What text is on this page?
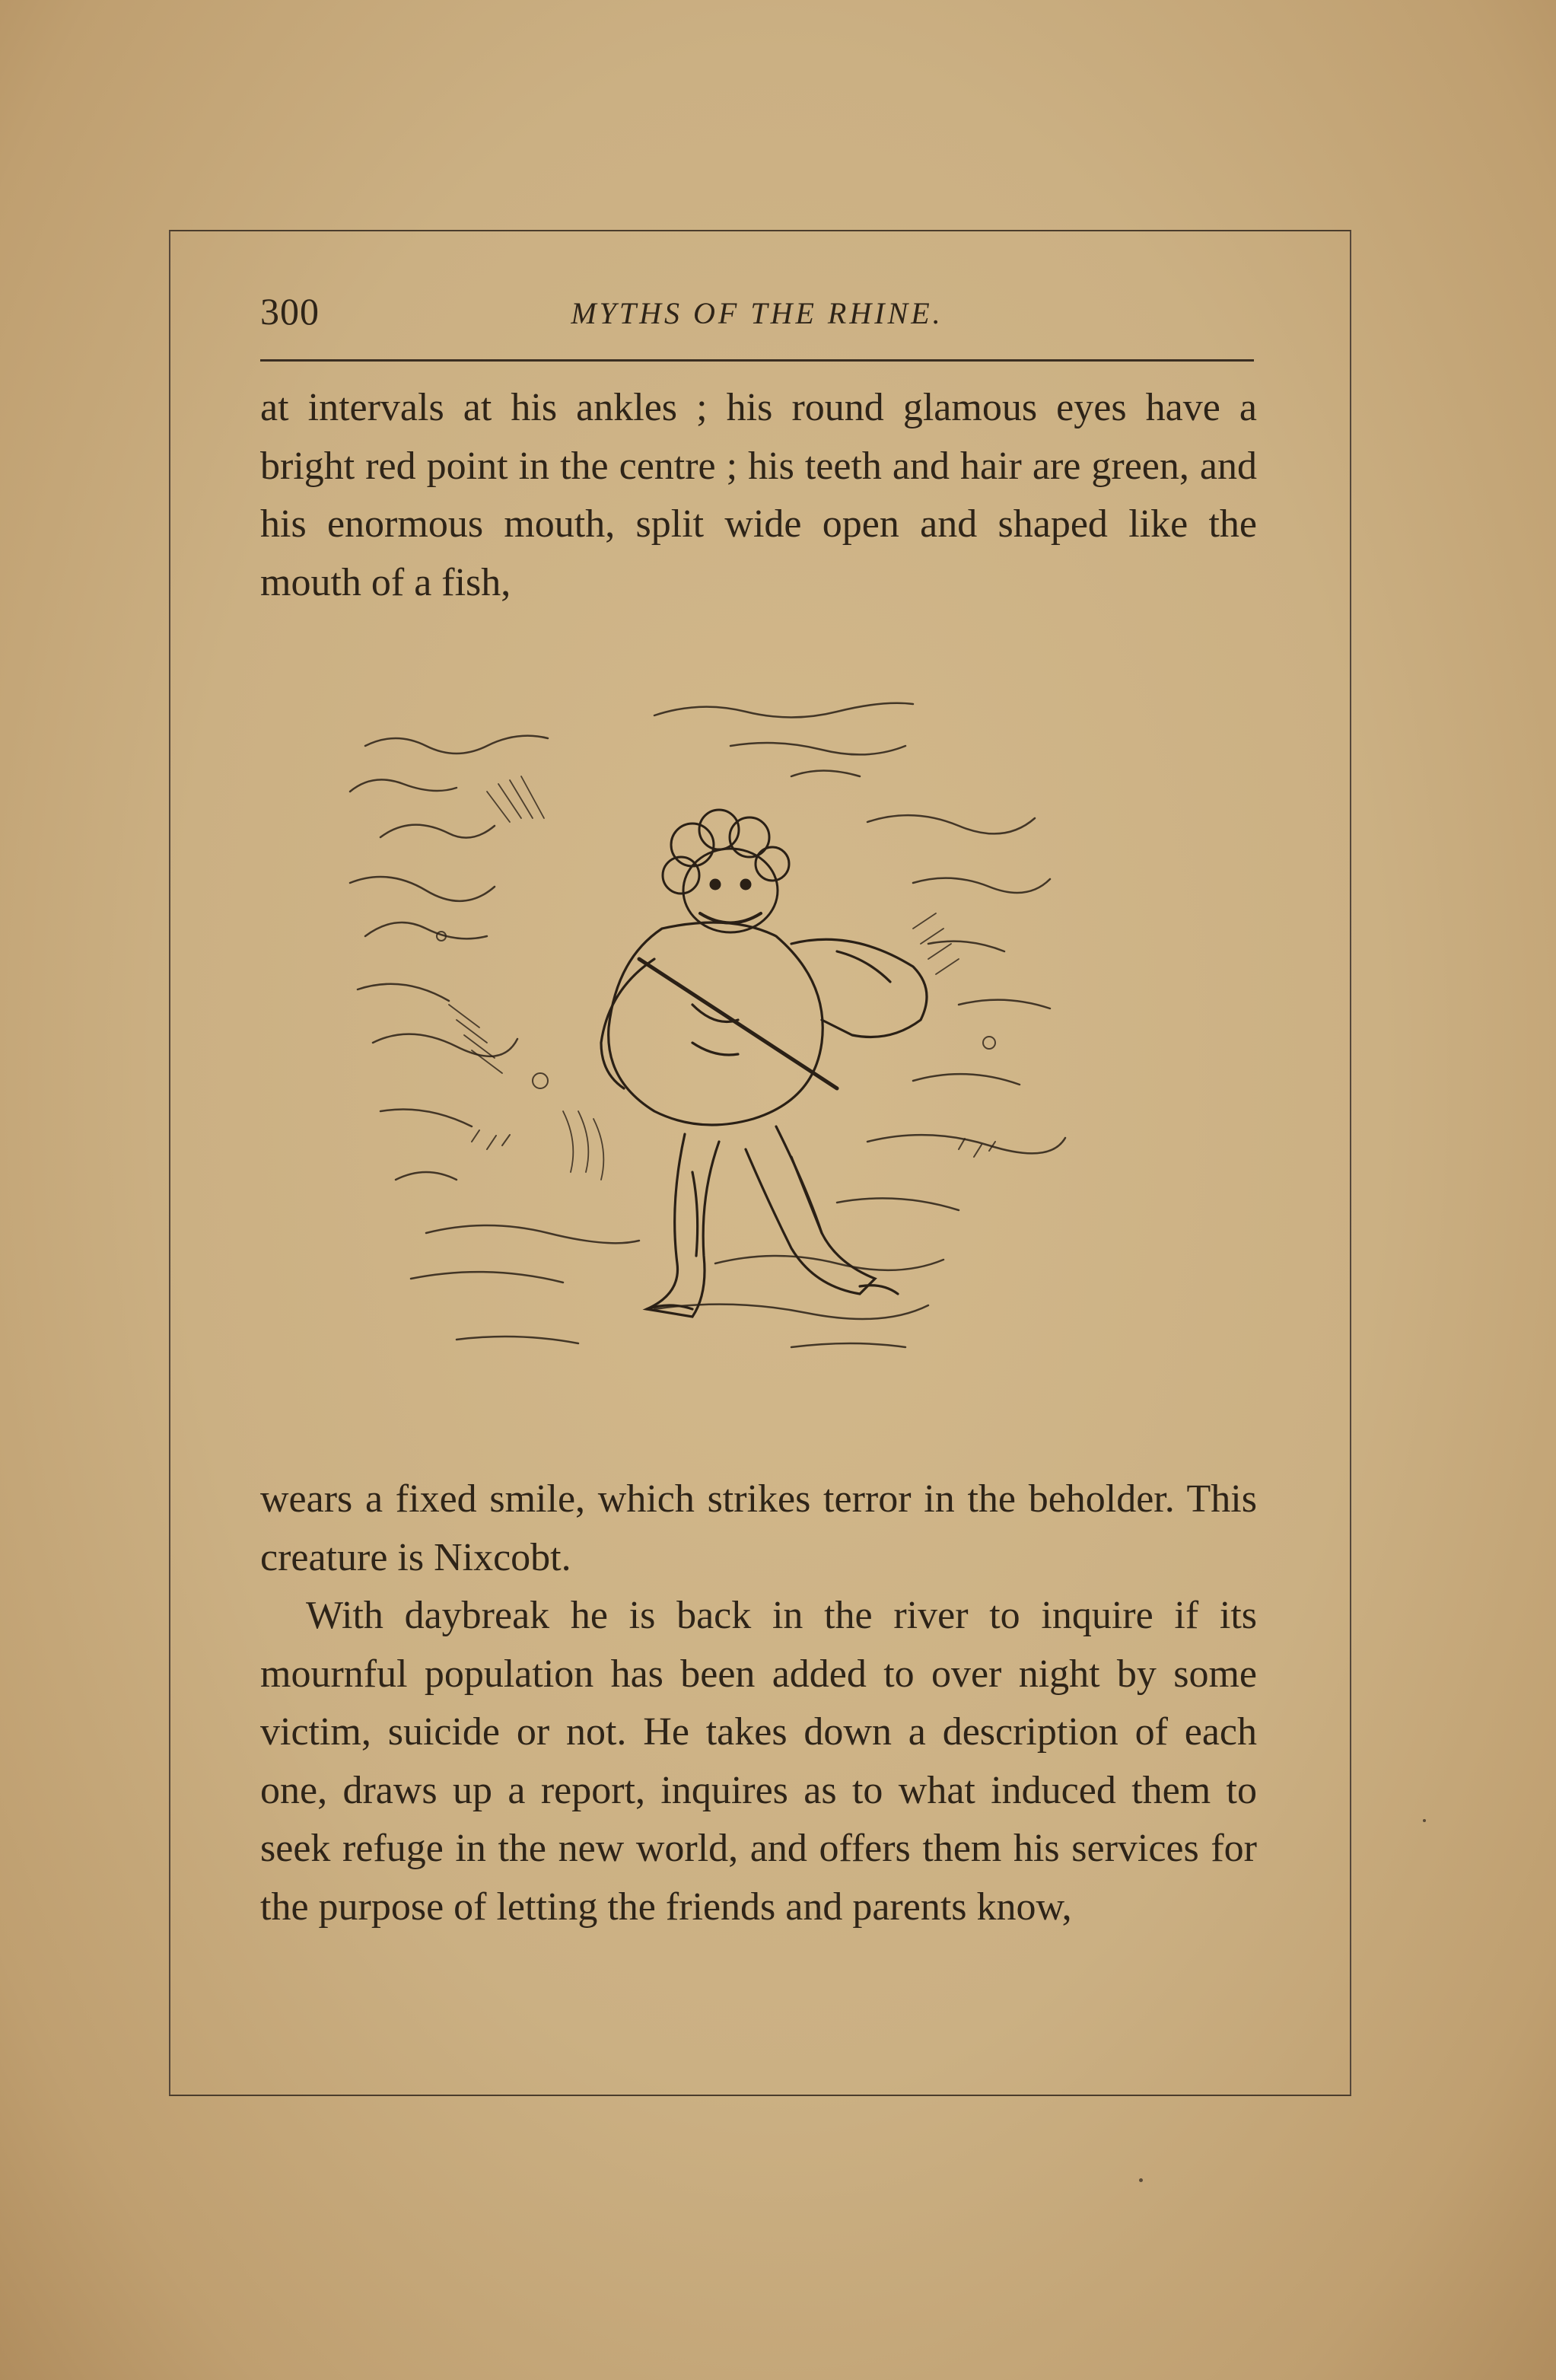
300	MYTHS OF THE RHINE.

at intervals at his ankles ; his round glamous eyes have a bright red point in the centre ; his teeth and hair are green, and his enormous mouth, split wide open and shaped like the mouth of a fish,

wears a fixed smile, which strikes terror in the beholder. This creature is Nixcobt.

With daybreak he is back in the river to inquire if its mournful population has been added to over night by some victim, suicide or not. He takes down a description of each one, draws up a report, inquires as to what induced them to seek refuge in the new world, and offers them his services for the purpose of letting the friends and parents know,
